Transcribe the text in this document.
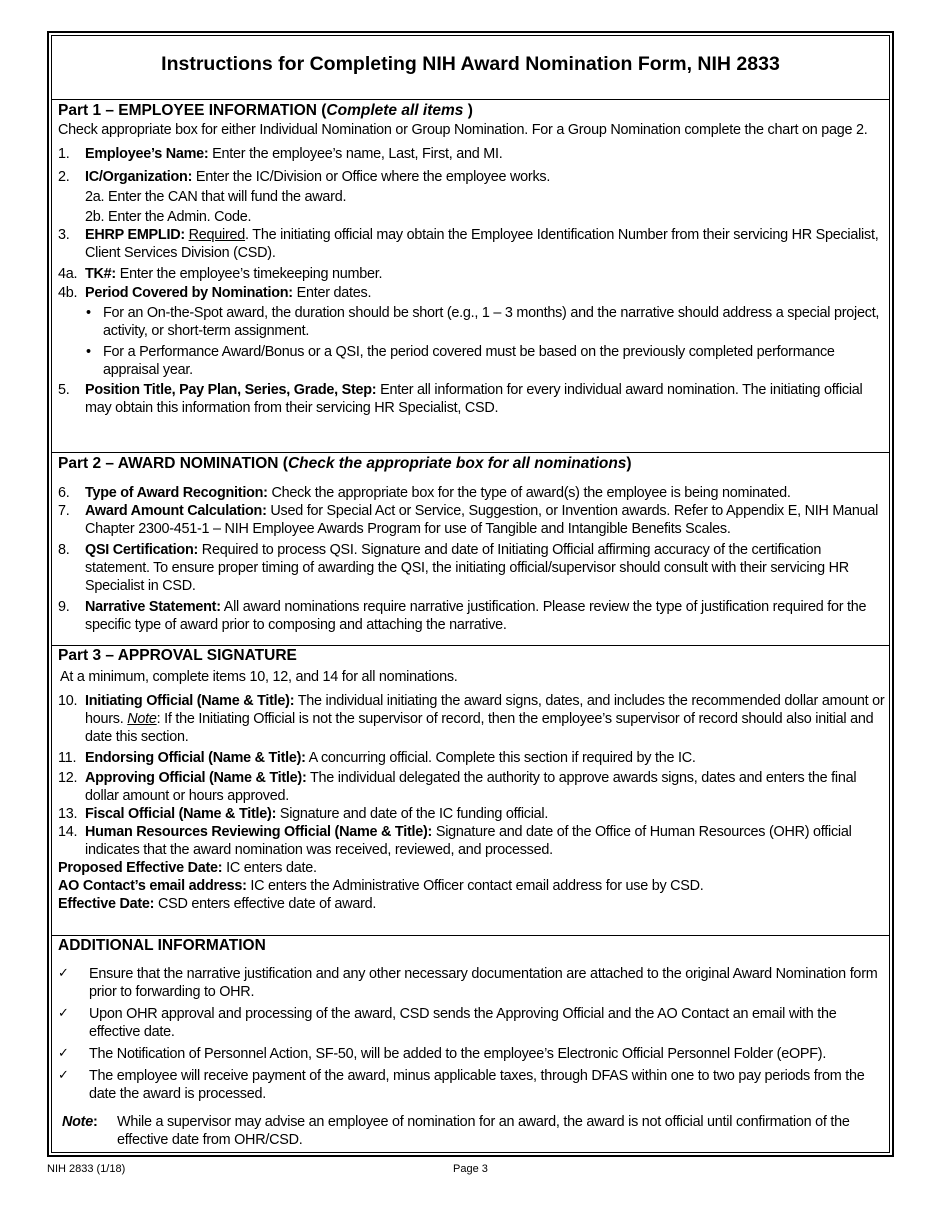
Instructions for Completing NIH Award Nomination Form, NIH 2833
Part 1 – EMPLOYEE INFORMATION (Complete all items )
Check appropriate box for either Individual Nomination or Group Nomination. For a Group Nomination complete the chart on page 2.
1. Employee’s Name: Enter the employee’s name, Last, First, and MI.
2. IC/Organization: Enter the IC/Division or Office where the employee works.
2a. Enter the CAN that will fund the award.
2b. Enter the Admin. Code.
3. EHRP EMPLID: Required. The initiating official may obtain the Employee Identification Number from their servicing HR Specialist, Client Services Division (CSD).
4a. TK#: Enter the employee’s timekeeping number.
4b. Period Covered by Nomination: Enter dates.
• For an On-the-Spot award, the duration should be short (e.g., 1 – 3 months) and the narrative should address a special project, activity, or short-term assignment.
• For a Performance Award/Bonus or a QSI, the period covered must be based on the previously completed performance appraisal year.
5. Position Title, Pay Plan, Series, Grade, Step: Enter all information for every individual award nomination. The initiating official may obtain this information from their servicing HR Specialist, CSD.
Part 2 – AWARD NOMINATION (Check the appropriate box for all nominations)
6. Type of Award Recognition: Check the appropriate box for the type of award(s) the employee is being nominated.
7. Award Amount Calculation: Used for Special Act or Service, Suggestion, or Invention awards. Refer to Appendix E, NIH Manual Chapter 2300-451-1 – NIH Employee Awards Program for use of Tangible and Intangible Benefits Scales.
8. QSI Certification: Required to process QSI. Signature and date of Initiating Official affirming accuracy of the certification statement. To ensure proper timing of awarding the QSI, the initiating official/supervisor should consult with their servicing HR Specialist in CSD.
9. Narrative Statement: All award nominations require narrative justification. Please review the type of justification required for the specific type of award prior to composing and attaching the narrative.
Part 3 – APPROVAL SIGNATURE
At a minimum, complete items 10, 12, and 14 for all nominations.
10. Initiating Official (Name & Title): The individual initiating the award signs, dates, and includes the recommended dollar amount or hours. Note: If the Initiating Official is not the supervisor of record, then the employee’s supervisor of record should also initial and date this section.
11. Endorsing Official (Name & Title): A concurring official. Complete this section if required by the IC.
12. Approving Official (Name & Title): The individual delegated the authority to approve awards signs, dates and enters the final dollar amount or hours approved.
13. Fiscal Official (Name & Title): Signature and date of the IC funding official.
14. Human Resources Reviewing Official (Name & Title): Signature and date of the Office of Human Resources (OHR) official indicates that the award nomination was received, reviewed, and processed.
Proposed Effective Date: IC enters date.
AO Contact’s email address: IC enters the Administrative Officer contact email address for use by CSD.
Effective Date: CSD enters effective date of award.
ADDITIONAL INFORMATION
✓ Ensure that the narrative justification and any other necessary documentation are attached to the original Award Nomination form prior to forwarding to OHR.
✓ Upon OHR approval and processing of the award, CSD sends the Approving Official and the AO Contact an email with the effective date.
✓ The Notification of Personnel Action, SF-50, will be added to the employee’s Electronic Official Personnel Folder (eOPF).
✓ The employee will receive payment of the award, minus applicable taxes, through DFAS within one to two pay periods from the date the award is processed.
Note: While a supervisor may advise an employee of nomination for an award, the award is not official until confirmation of the effective date from OHR/CSD.
NIH 2833 (1/18)	Page 3
